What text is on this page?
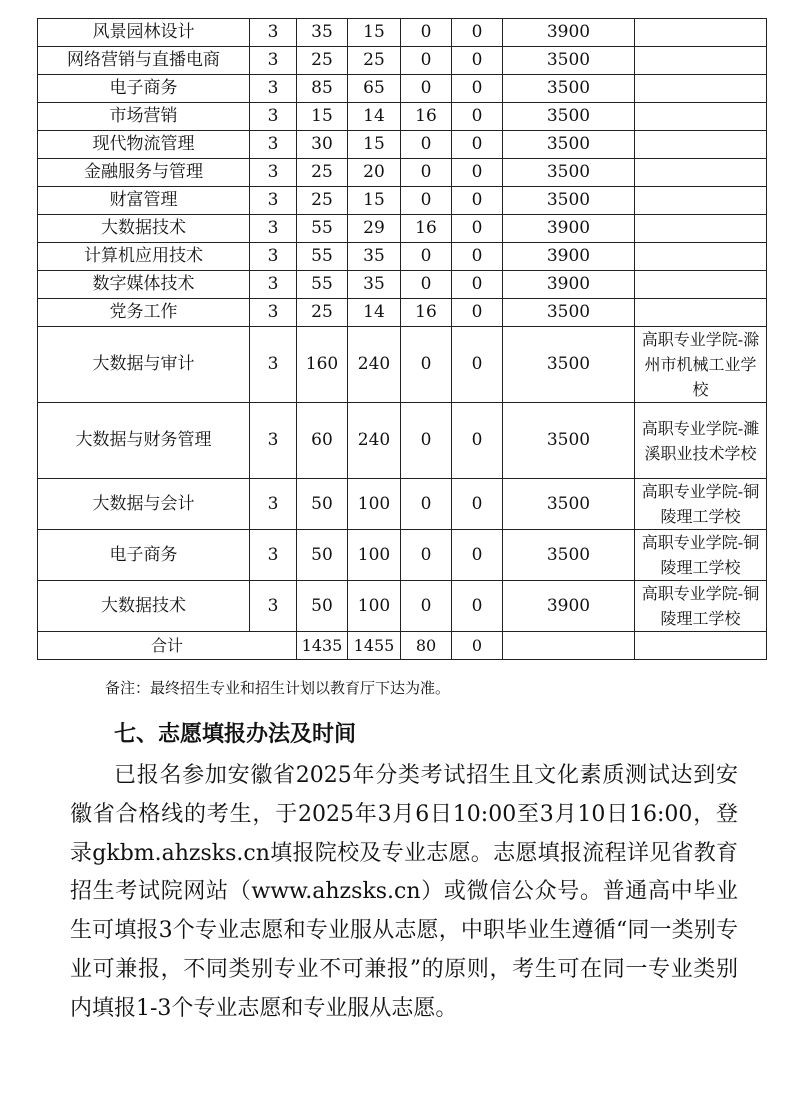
风景园林设计	3	35	15	0	0	3900	
网络营销与直播电商	3	25	25	0	0	3500	
电子商务	3	85	65	0	0	3500	
市场营销	3	15	14	16	0	3500	
现代物流管理	3	30	15	0	0	3500	
金融服务与管理	3	25	20	0	0	3500	
财富管理	3	25	15	0	0	3500	
大数据技术	3	55	29	16	0	3900	
计算机应用技术	3	55	35	0	0	3900	
数字媒体技术	3	55	35	0	0	3900	
党务工作	3	25	14	16	0	3500	
大数据与审计	3	160	240	0	0	3500	高职专业学院-滁州市机械工业学校
大数据与财务管理	3	60	240	0	0	3500	高职专业学院-濉溪职业技术学校
大数据与会计	3	50	100	0	0	3500	高职专业学院-铜陵理工学校
电子商务	3	50	100	0	0	3500	高职专业学院-铜陵理工学校
大数据技术	3	50	100	0	0	3900	高职专业学院-铜陵理工学校
合计		1435	1455	80	0		

备注：最终招生专业和招生计划以教育厅下达为准。

七、志愿填报办法及时间

已报名参加安徽省2025年分类考试招生且文化素质测试达到安徽省合格线的考生，于2025年3月6日10:00至3月10日16:00，登录gkbm.ahzsks.cn填报院校及专业志愿。志愿填报流程详见省教育招生考试院网站（www.ahzsks.cn）或微信公众号。普通高中毕业生可填报3个专业志愿和专业服从志愿，中职毕业生遵循“同一类别专业可兼报，不同类别专业不可兼报”的原则，考生可在同一专业类别内填报1-3个专业志愿和专业服从志愿。
